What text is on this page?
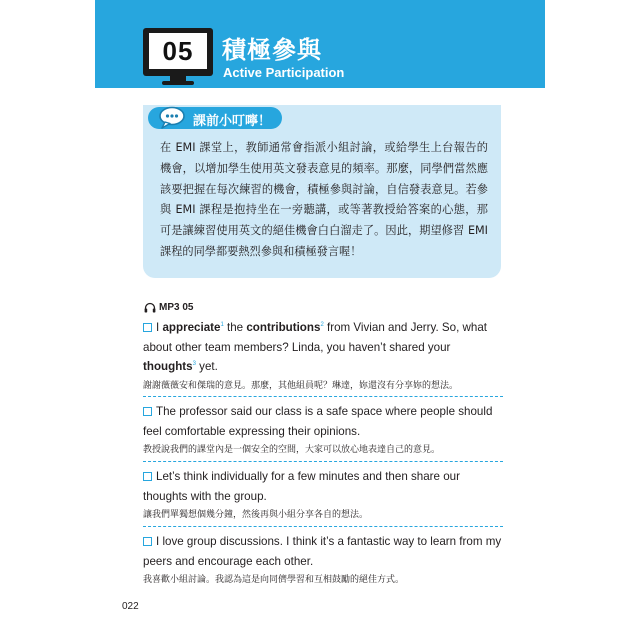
05	積極參與
Active Participation
課前小叮嚀！
在 EMI 課堂上，教師通常會指派小組討論，或給學生上台報告的機會，以增加學生使用英文發表意見的頻率。那麼，同學們當然應該要把握在每次練習的機會，積極參與討論，自信發表意見。若參與 EMI 課程是抱持坐在一旁聽講，或等著教授給答案的心態，那可是讓練習使用英文的絕佳機會白白溜走了。因此，期望修習 EMI 課程的同學都要熱烈參與和積極發言喔！
MP3 05
I appreciate$^1$ the contributions$^2$ from Vivian and Jerry. So, what about other team members? Linda, you haven’t shared your thoughts$^3$ yet.
謝謝薇薇安和傑瑞的意見。那麼，其他組員呢？琳達，妳還沒有分享妳的想法。
The professor said our class is a safe space where people should feel comfortable expressing their opinions.
教授說我們的課堂內是一個安全的空間，大家可以放心地表達自己的意見。
Let’s think individually for a few minutes and then share our thoughts with the group.
讓我們單獨想個幾分鐘，然後再與小組分享各自的想法。
I love group discussions. I think it’s a fantastic way to learn from my peers and encourage each other.
我喜歡小組討論。我認為這是向同儕學習和互相鼓勵的絕佳方式。
022
